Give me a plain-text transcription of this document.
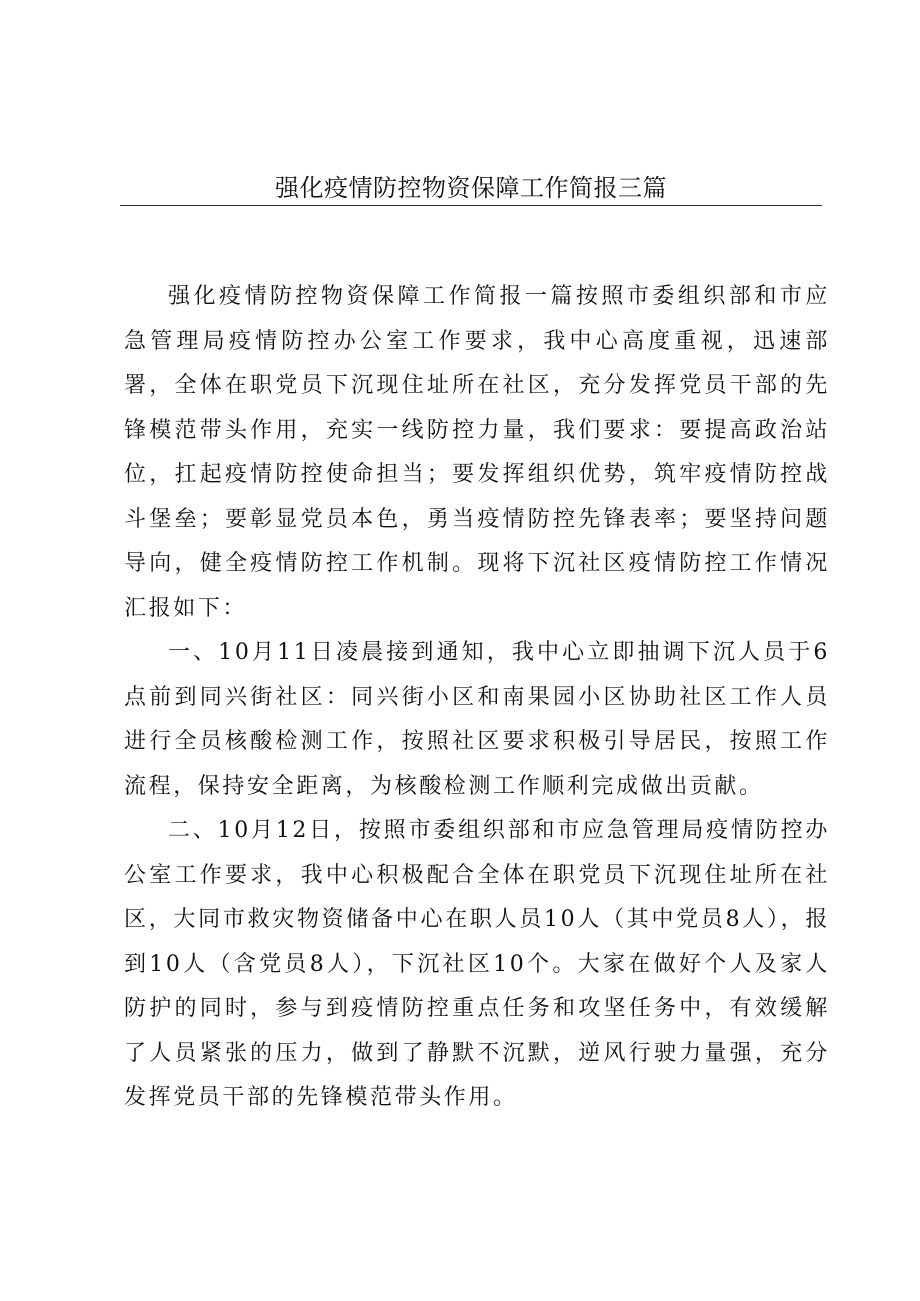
强化疫情防控物资保障工作简报三篇

强化疫情防控物资保障工作简报一篇按照市委组织部和市应急管理局疫情防控办公室工作要求，我中心高度重视，迅速部署，全体在职党员下沉现住址所在社区，充分发挥党员干部的先锋模范带头作用，充实一线防控力量，我们要求：要提高政治站位，扛起疫情防控使命担当；要发挥组织优势，筑牢疫情防控战斗堡垒；要彰显党员本色，勇当疫情防控先锋表率；要坚持问题导向，健全疫情防控工作机制。现将下沉社区疫情防控工作情况汇报如下：

一、10月11日凌晨接到通知，我中心立即抽调下沉人员于6点前到同兴街社区：同兴街小区和南果园小区协助社区工作人员进行全员核酸检测工作，按照社区要求积极引导居民，按照工作流程，保持安全距离，为核酸检测工作顺利完成做出贡献。

二、10月12日，按照市委组织部和市应急管理局疫情防控办公室工作要求，我中心积极配合全体在职党员下沉现住址所在社区，大同市救灾物资储备中心在职人员10人（其中党员8人），报到10人（含党员8人），下沉社区10个。大家在做好个人及家人防护的同时，参与到疫情防控重点任务和攻坚任务中，有效缓解了人员紧张的压力，做到了静默不沉默，逆风行驶力量强，充分发挥党员干部的先锋模范带头作用。
